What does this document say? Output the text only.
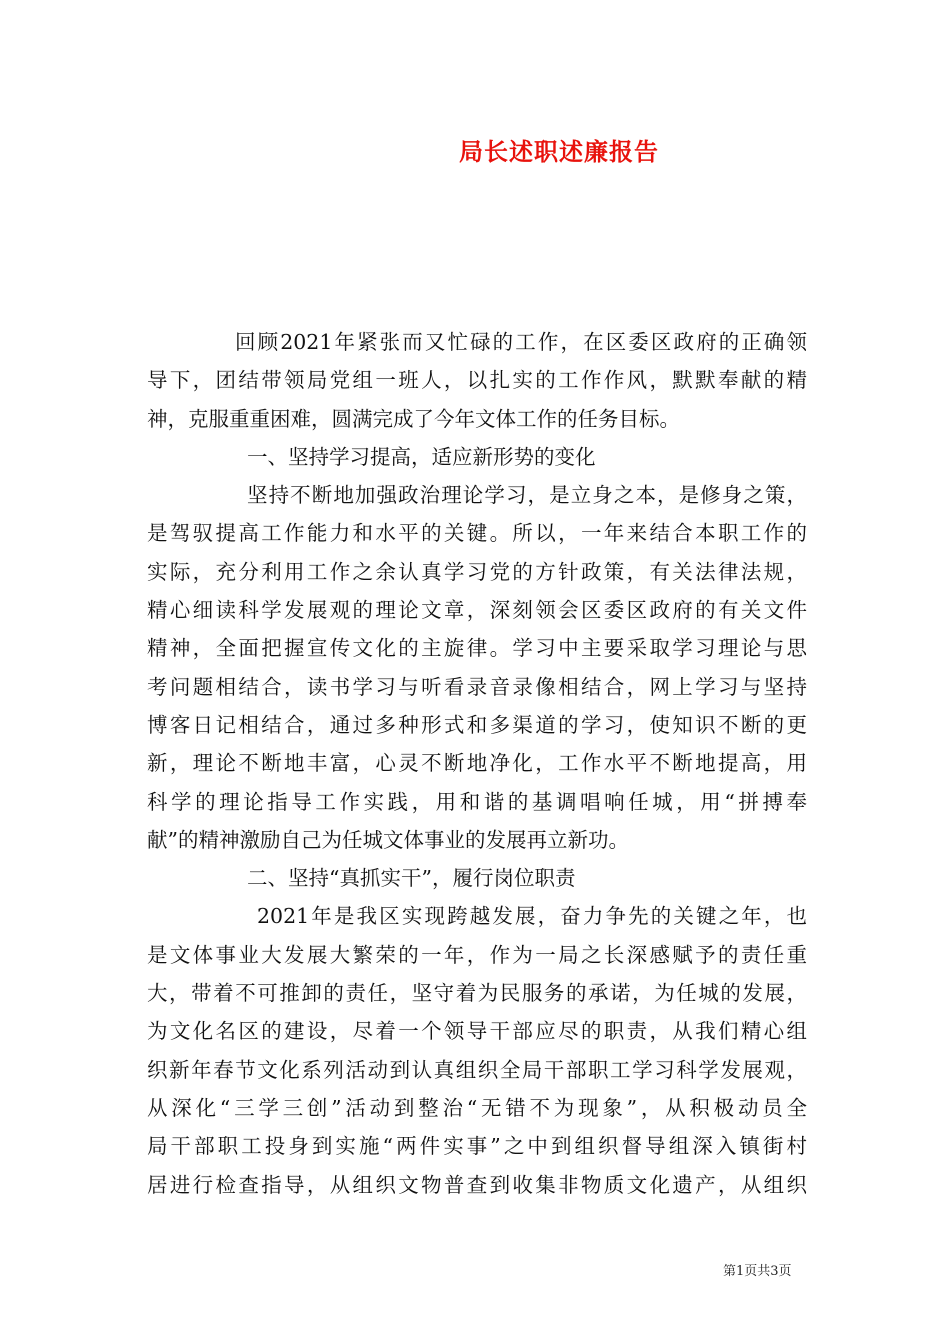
局长述职述廉报告
回顾2021年紧张而又忙碌的工作，在区委区政府的正确领
导下，团结带领局党组一班人，以扎实的工作作风，默默奉献的精
神，克服重重困难，圆满完成了今年文体工作的任务目标。
一、坚持学习提高，适应新形势的变化
坚持不断地加强政治理论学习，是立身之本，是修身之策，
是驾驭提高工作能力和水平的关键。所以，一年来结合本职工作的
实际，充分利用工作之余认真学习党的方针政策，有关法律法规，
精心细读科学发展观的理论文章，深刻领会区委区政府的有关文件
精神，全面把握宣传文化的主旋律。学习中主要采取学习理论与思
考问题相结合，读书学习与听看录音录像相结合，网上学习与坚持
博客日记相结合，通过多种形式和多渠道的学习，使知识不断的更
新，理论不断地丰富，心灵不断地净化，工作水平不断地提高，用
科学的理论指导工作实践，用和谐的基调唱响任城，用“拼搏奉
献”的精神激励自己为任城文体事业的发展再立新功。
二、坚持“真抓实干”，履行岗位职责
2021年是我区实现跨越发展，奋力争先的关键之年，也
是文体事业大发展大繁荣的一年，作为一局之长深感赋予的责任重
大，带着不可推卸的责任，坚守着为民服务的承诺，为任城的发展，
为文化名区的建设，尽着一个领导干部应尽的职责，从我们精心组
织新年春节文化系列活动到认真组织全局干部职工学习科学发展观，
从深化“三学三创”活动到整治“无错不为现象”，从积极动员全
局干部职工投身到实施“两件实事”之中到组织督导组深入镇街村
居进行检查指导，从组织文物普查到收集非物质文化遗产，从组织
第1页共3页
